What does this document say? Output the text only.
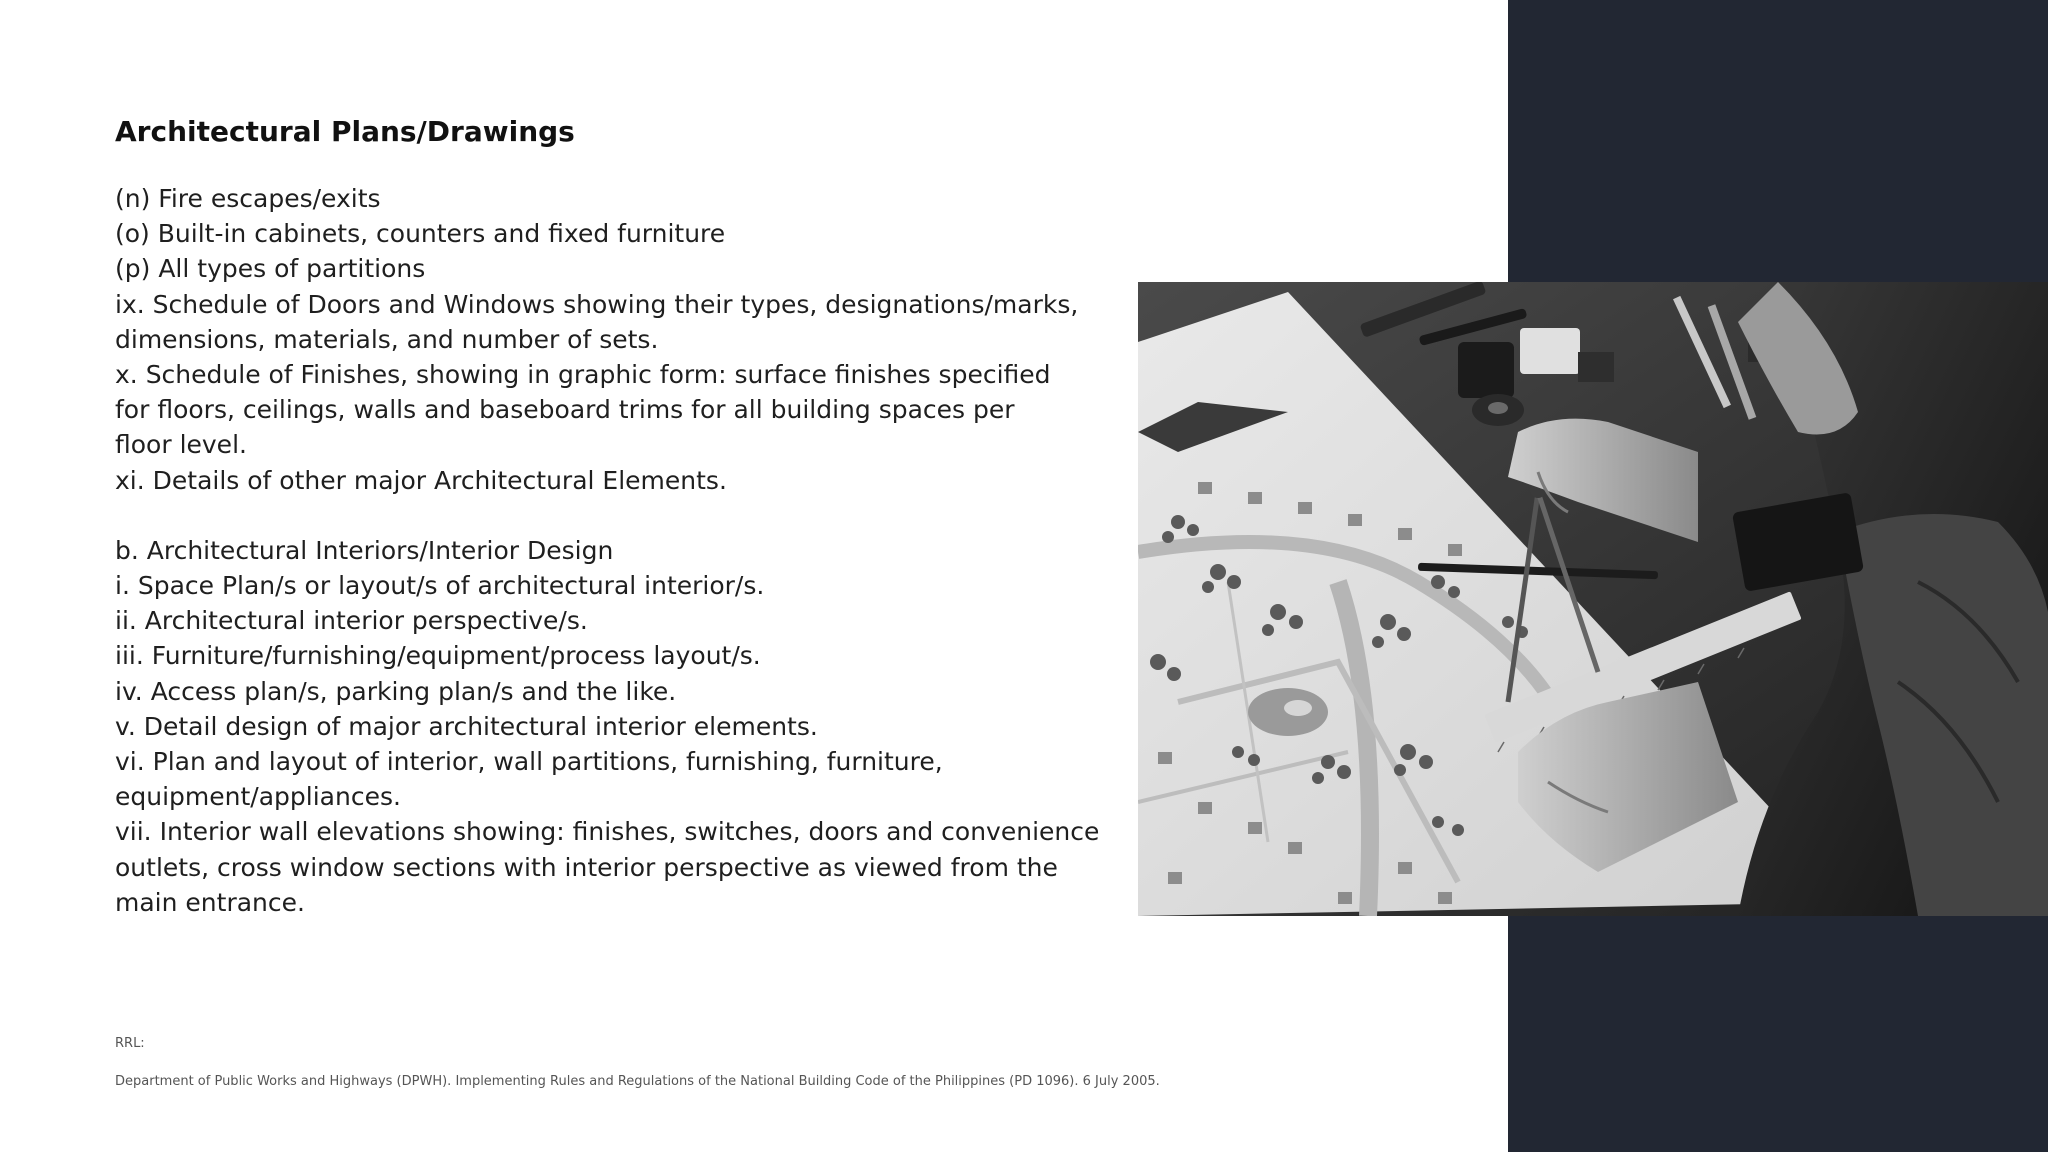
Architectural Plans/Drawings
(n) Fire escapes/exits
(o) Built-in cabinets, counters and fixed furniture
(p) All types of partitions
ix. Schedule of Doors and Windows showing their types, designations/marks,
dimensions, materials, and number of sets.
x. Schedule of Finishes, showing in graphic form: surface finishes specified
for floors, ceilings, walls and baseboard trims for all building spaces per
floor level.
xi. Details of other major Architectural Elements.
b. Architectural Interiors/Interior Design
i. Space Plan/s or layout/s of architectural interior/s.
ii. Architectural interior perspective/s.
iii. Furniture/furnishing/equipment/process layout/s.
iv. Access plan/s, parking plan/s and the like.
v. Detail design of major architectural interior elements.
vi. Plan and layout of interior, wall partitions, furnishing, furniture,
equipment/appliances.
vii. Interior wall elevations showing: finishes, switches, doors and convenience
outlets, cross window sections with interior perspective as viewed from the
main entrance.
RRL:
Department of Public Works and Highways (DPWH). Implementing Rules and Regulations of the National Building Code of the Philippines (PD 1096). 6 July 2005.
